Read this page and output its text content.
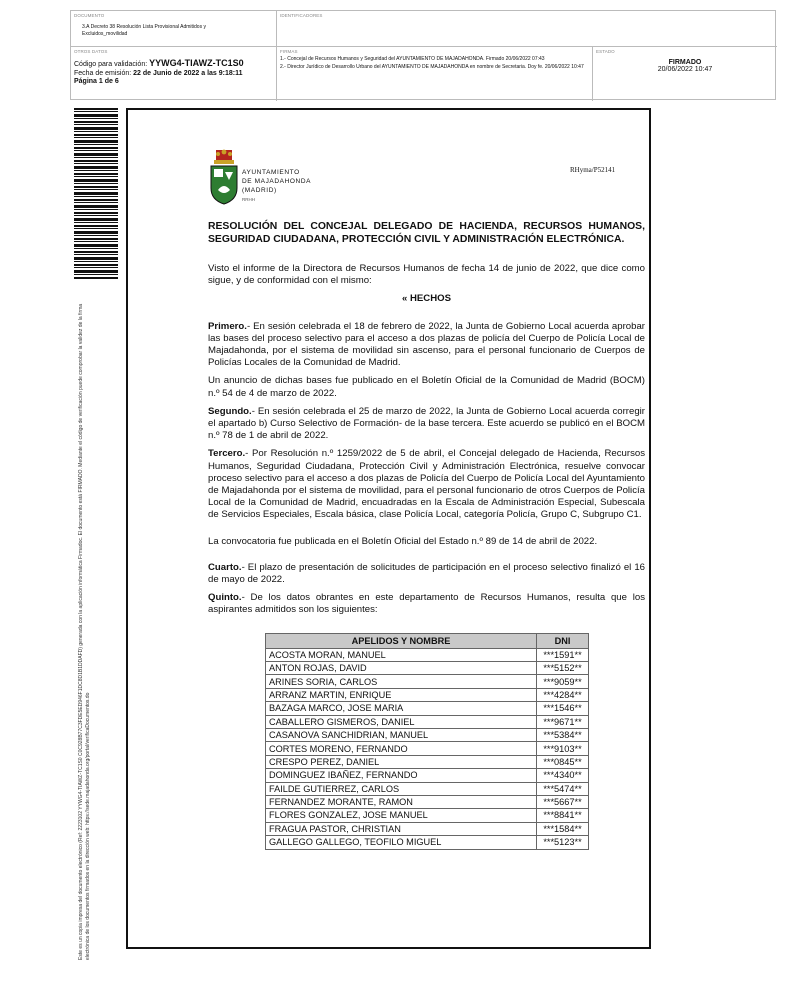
DOCUMENTO
3.A Decreto 38 Resolución Lista Provisional Admitidos y Excluidos_movilidad
IDENTIFICADORES
OTROS DATOS
Código para validación: YYWG4-TIAWZ-TC1S0
Fecha de emisión: 22 de Junio de 2022 a las 9:18:11
Página 1 de 6
FIRMAS
1.- Concejal de Recursos Humanos y Seguridad del AYUNTAMIENTO DE MAJADAHONDA. Firmado 20/06/2022 07:43
2.- Director Jurídico de Desarrollo Urbano del AYUNTAMIENTO DE MAJADAHONDA en nombre de Secretaria. Doy fe. 20/06/2022 10:47
ESTADO
FIRMADO
20/06/2022 10:47
Este es un copia impresa del documento electrónico (Ref: 2223102 YYWG4-TIAWZ-TC1S0 C0C928B77C3FDE5ED946F1DC8D1B1DDAFD) generada con la aplicación informática Firmadoc. El documento está FIRMADO. Mediante el código de verificación puede comprobar la validez de la firma electrónica de los documentos firmados en la dirección web: https://sede.majadahonda.org/portal/verificaDocumentos.do
AYUNTAMIENTO
DE MAJADAHONDA
(MADRID)
RRHH
RHyma/P52141
RESOLUCIÓN DEL CONCEJAL DELEGADO DE HACIENDA, RECURSOS HUMANOS, SEGURIDAD CIUDADANA, PROTECCIÓN CIVIL Y ADMINISTRACIÓN ELECTRÓNICA.

Visto el informe de la Directora de Recursos Humanos de fecha 14 de junio de 2022, que dice como sigue, y de conformidad con el mismo:

« HECHOS

Primero.- En sesión celebrada el 18 de febrero de 2022, la Junta de Gobierno Local acuerda aprobar las bases del proceso selectivo para el acceso a dos plazas de policía del Cuerpo de Policía Local de Majadahonda, por el sistema de movilidad sin ascenso, para el personal funcionario de Cuerpos de Policías Locales de la Comunidad de Madrid.

Un anuncio de dichas bases fue publicado en el Boletín Oficial de la Comunidad de Madrid (BOCM) n.º 54 de 4 de marzo de 2022.

Segundo.- En sesión celebrada el 25 de marzo de 2022, la Junta de Gobierno Local acuerda corregir el apartado b) Curso Selectivo de Formación- de la base tercera. Este acuerdo se publicó en el BOCM n.º 78 de 1 de abril de 2022.

Tercero.- Por Resolución n.º 1259/2022 de 5 de abril, el Concejal delegado de Hacienda, Recursos Humanos, Seguridad Ciudadana, Protección Civil y Administración Electrónica, resuelve convocar proceso selectivo para el acceso a dos plazas de Policía del Cuerpo de Policía Local del Ayuntamiento de Majadahonda por el sistema de movilidad, para el personal funcionario de otros Cuerpos de Policía Local de la Comunidad de Madrid, encuadradas en la Escala de Administración Especial, Subescala de Servicios Especiales, Escala básica, clase Policía Local, categoría Policía, Grupo C, Subgrupo C1.

La convocatoria fue publicada en el Boletín Oficial del Estado n.º 89 de 14 de abril de 2022.

Cuarto.- El plazo de presentación de solicitudes de participación en el proceso selectivo finalizó el 16 de mayo de 2022.

Quinto.- De los datos obrantes en este departamento de Recursos Humanos, resulta que los aspirantes admitidos son los siguientes:

APELIDOS Y NOMBRE	DNI
ACOSTA MORAN, MANUEL	***1591**
ANTON ROJAS, DAVID	***5152**
ARINES SORIA, CARLOS	***9059**
ARRANZ MARTIN, ENRIQUE	***4284**
BAZAGA MARCO, JOSE MARIA	***1546**
CABALLERO GISMEROS, DANIEL	***9671**
CASANOVA SANCHIDRIAN, MANUEL	***5384**
CORTES MORENO, FERNANDO	***9103**
CRESPO PEREZ, DANIEL	***0845**
DOMINGUEZ IBAÑEZ, FERNANDO	***4340**
FAILDE GUTIERREZ, CARLOS	***5474**
FERNANDEZ MORANTE, RAMON	***5667**
FLORES GONZALEZ, JOSE MANUEL	***8841**
FRAGUA PASTOR, CHRISTIAN	***1584**
GALLEGO GALLEGO, TEOFILO MIGUEL	***5123**
